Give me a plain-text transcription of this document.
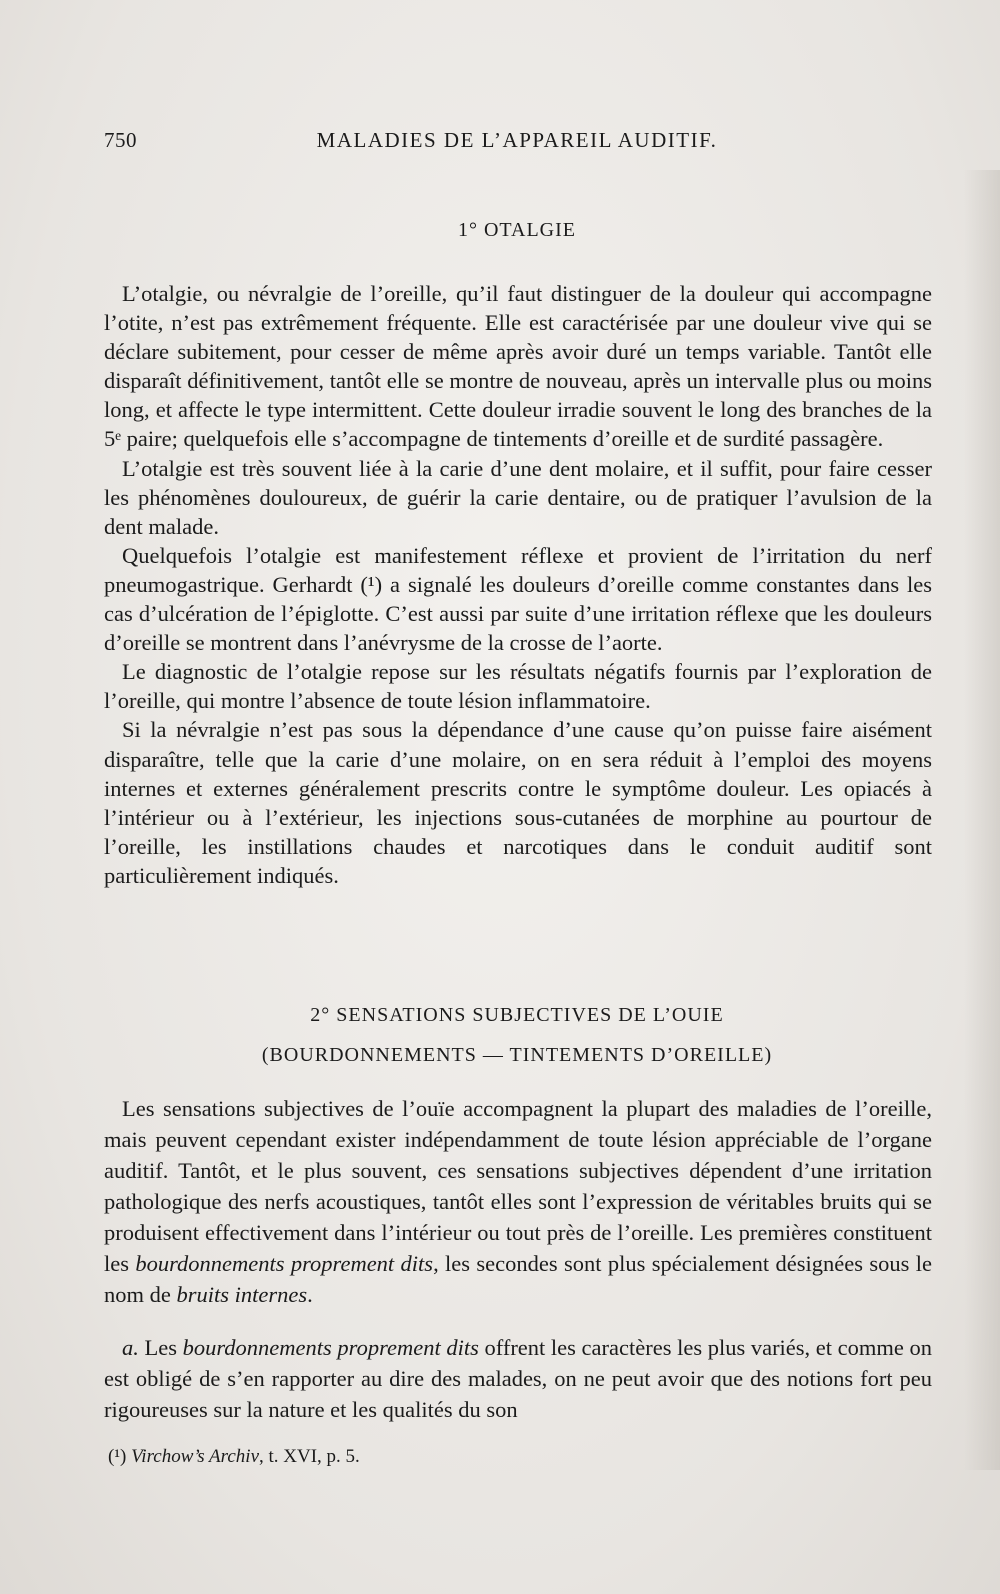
750	MALADIES DE L’APPAREIL AUDITIF.
1° OTALGIE

L’otalgie, ou névralgie de l’oreille, qu’il faut distinguer de la douleur qui accompagne l’otite, n’est pas extrêmement fréquente. Elle est caractérisée par une douleur vive qui se déclare subitement, pour cesser de même après avoir duré un temps variable. Tantôt elle disparaît définitivement, tantôt elle se montre de nouveau, après un intervalle plus ou moins long, et affecte le type intermittent. Cette douleur irradie souvent le long des branches de la 5ᵉ paire; quelquefois elle s’accompagne de tintements d’oreille et de surdité passagère.

L’otalgie est très souvent liée à la carie d’une dent molaire, et il suffit, pour faire cesser les phénomènes douloureux, de guérir la carie dentaire, ou de pratiquer l’avulsion de la dent malade.

Quelquefois l’otalgie est manifestement réflexe et provient de l’irritation du nerf pneumogastrique. Gerhardt (¹) a signalé les douleurs d’oreille comme constantes dans les cas d’ulcération de l’épiglotte. C’est aussi par suite d’une irritation réflexe que les douleurs d’oreille se montrent dans l’anévrysme de la crosse de l’aorte.

Le diagnostic de l’otalgie repose sur les résultats négatifs fournis par l’exploration de l’oreille, qui montre l’absence de toute lésion inflammatoire.

Si la névralgie n’est pas sous la dépendance d’une cause qu’on puisse faire aisément disparaître, telle que la carie d’une molaire, on en sera réduit à l’emploi des moyens internes et externes généralement prescrits contre le symptôme douleur. Les opiacés à l’intérieur ou à l’extérieur, les injections sous-cutanées de morphine au pourtour de l’oreille, les instillations chaudes et narcotiques dans le conduit auditif sont particulièrement indiqués.

2° SENSATIONS SUBJECTIVES DE L’OUIE
(BOURDONNEMENTS — TINTEMENTS D’OREILLE)

Les sensations subjectives de l’ouïe accompagnent la plupart des maladies de l’oreille, mais peuvent cependant exister indépendamment de toute lésion appréciable de l’organe auditif. Tantôt, et le plus souvent, ces sensations subjectives dépendent d’une irritation pathologique des nerfs acoustiques, tantôt elles sont l’expression de véritables bruits qui se produisent effectivement dans l’intérieur ou tout près de l’oreille. Les premières constituent les bourdonnements proprement dits, les secondes sont plus spécialement désignées sous le nom de bruits internes.

a. Les bourdonnements proprement dits offrent les caractères les plus variés, et comme on est obligé de s’en rapporter au dire des malades, on ne peut avoir que des notions fort peu rigoureuses sur la nature et les qualités du son

(¹) Virchow’s Archiv, t. XVI, p. 5.
